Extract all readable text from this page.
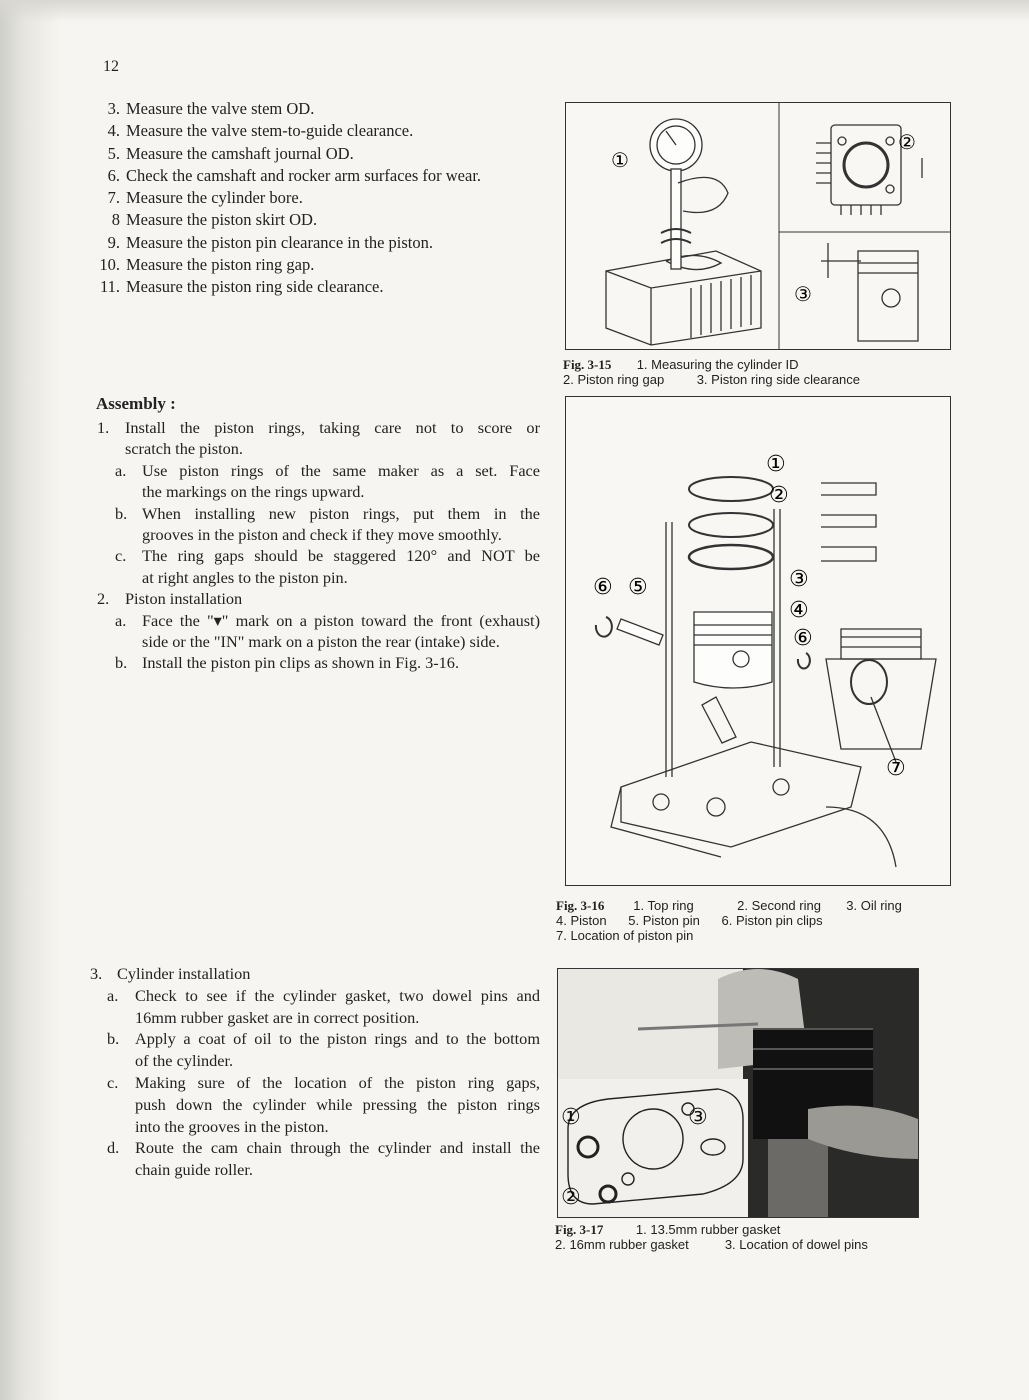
12
3. Measure the valve stem OD.
4. Measure the valve stem-to-guide clearance.
5. Measure the camshaft journal OD.
6. Check the camshaft and rocker arm surfaces for wear.
7. Measure the cylinder bore.
8 Measure the piston skirt OD.
9. Measure the piston pin clearance in the piston.
10. Measure the piston ring gap.
11. Measure the piston ring side clearance.
Assembly :
1. Install the piston rings, taking care not to score or
scratch the piston.
a. Use piston rings of the same maker as a set. Face
the markings on the rings upward.
b. When installing new piston rings, put them in the
grooves in the piston and check if they move smoothly.
c. The ring gaps should be staggered 120° and NOT be
at right angles to the piston pin.
2. Piston installation
a. Face the "▾" mark on a piston toward the front (exhaust)
side or the "IN" mark on a piston the rear (intake) side.
b. Install the piston pin clips as shown in Fig. 3-16.
3. Cylinder installation
a. Check to see if the cylinder gasket, two dowel pins and
16mm rubber gasket are in correct position.
b. Apply a coat of oil to the piston rings and to the bottom
of the cylinder.
c. Making sure of the location of the piston ring gaps,
push down the cylinder while pressing the piston rings
into the grooves in the piston.
d. Route the cam chain through the cylinder and install the
chain guide roller.
①
②
③
Fig. 3-15 1. Measuring the cylinder ID
2. Piston ring gap	3. Piston ring side clearance
①
②
③
④
⑤
⑥
⑥
⑦
Fig. 3-16 1. Top ring	2. Second ring 3. Oil ring
4. Piston 5. Piston pin 6. Piston pin clips
7. Location of piston pin
①
②
③
Fig. 3-17	1. 13.5mm rubber gasket
2. 16mm rubber gasket	3. Location of dowel pins
